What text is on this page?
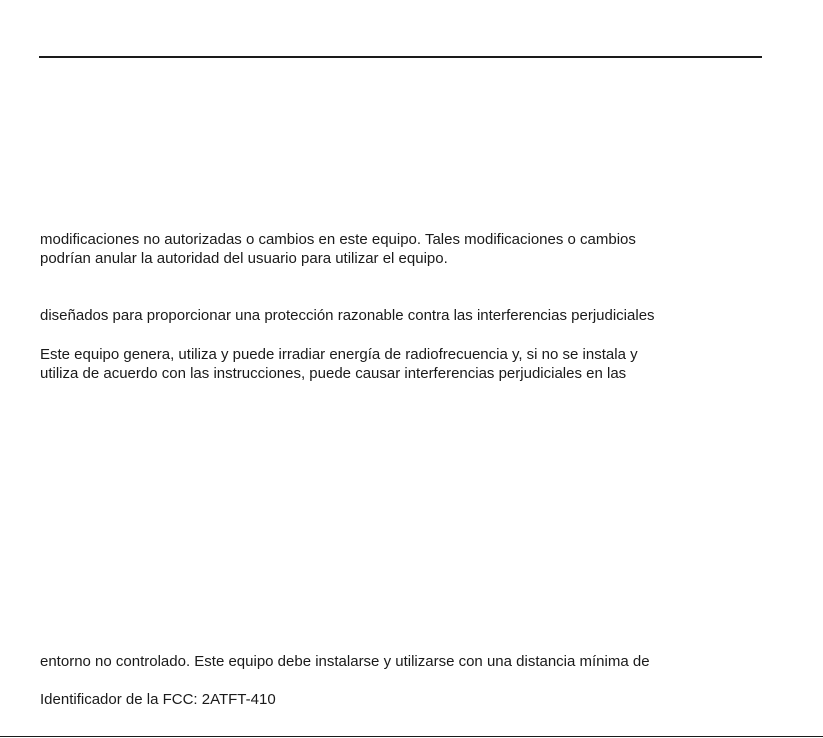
modificaciones no autorizadas o cambios en este equipo. Tales modificaciones o cambios
podrían anular la autoridad del usuario para utilizar el equipo.

diseñados para proporcionar una protección razonable contra las interferencias perjudiciales

Este equipo genera, utiliza y puede irradiar energía de radiofrecuencia y, si no se instala y
utiliza de acuerdo con las instrucciones, puede causar interferencias perjudiciales en las

entorno no controlado. Este equipo debe instalarse y utilizarse con una distancia mínima de

Identificador de la FCC: 2ATFT-410
